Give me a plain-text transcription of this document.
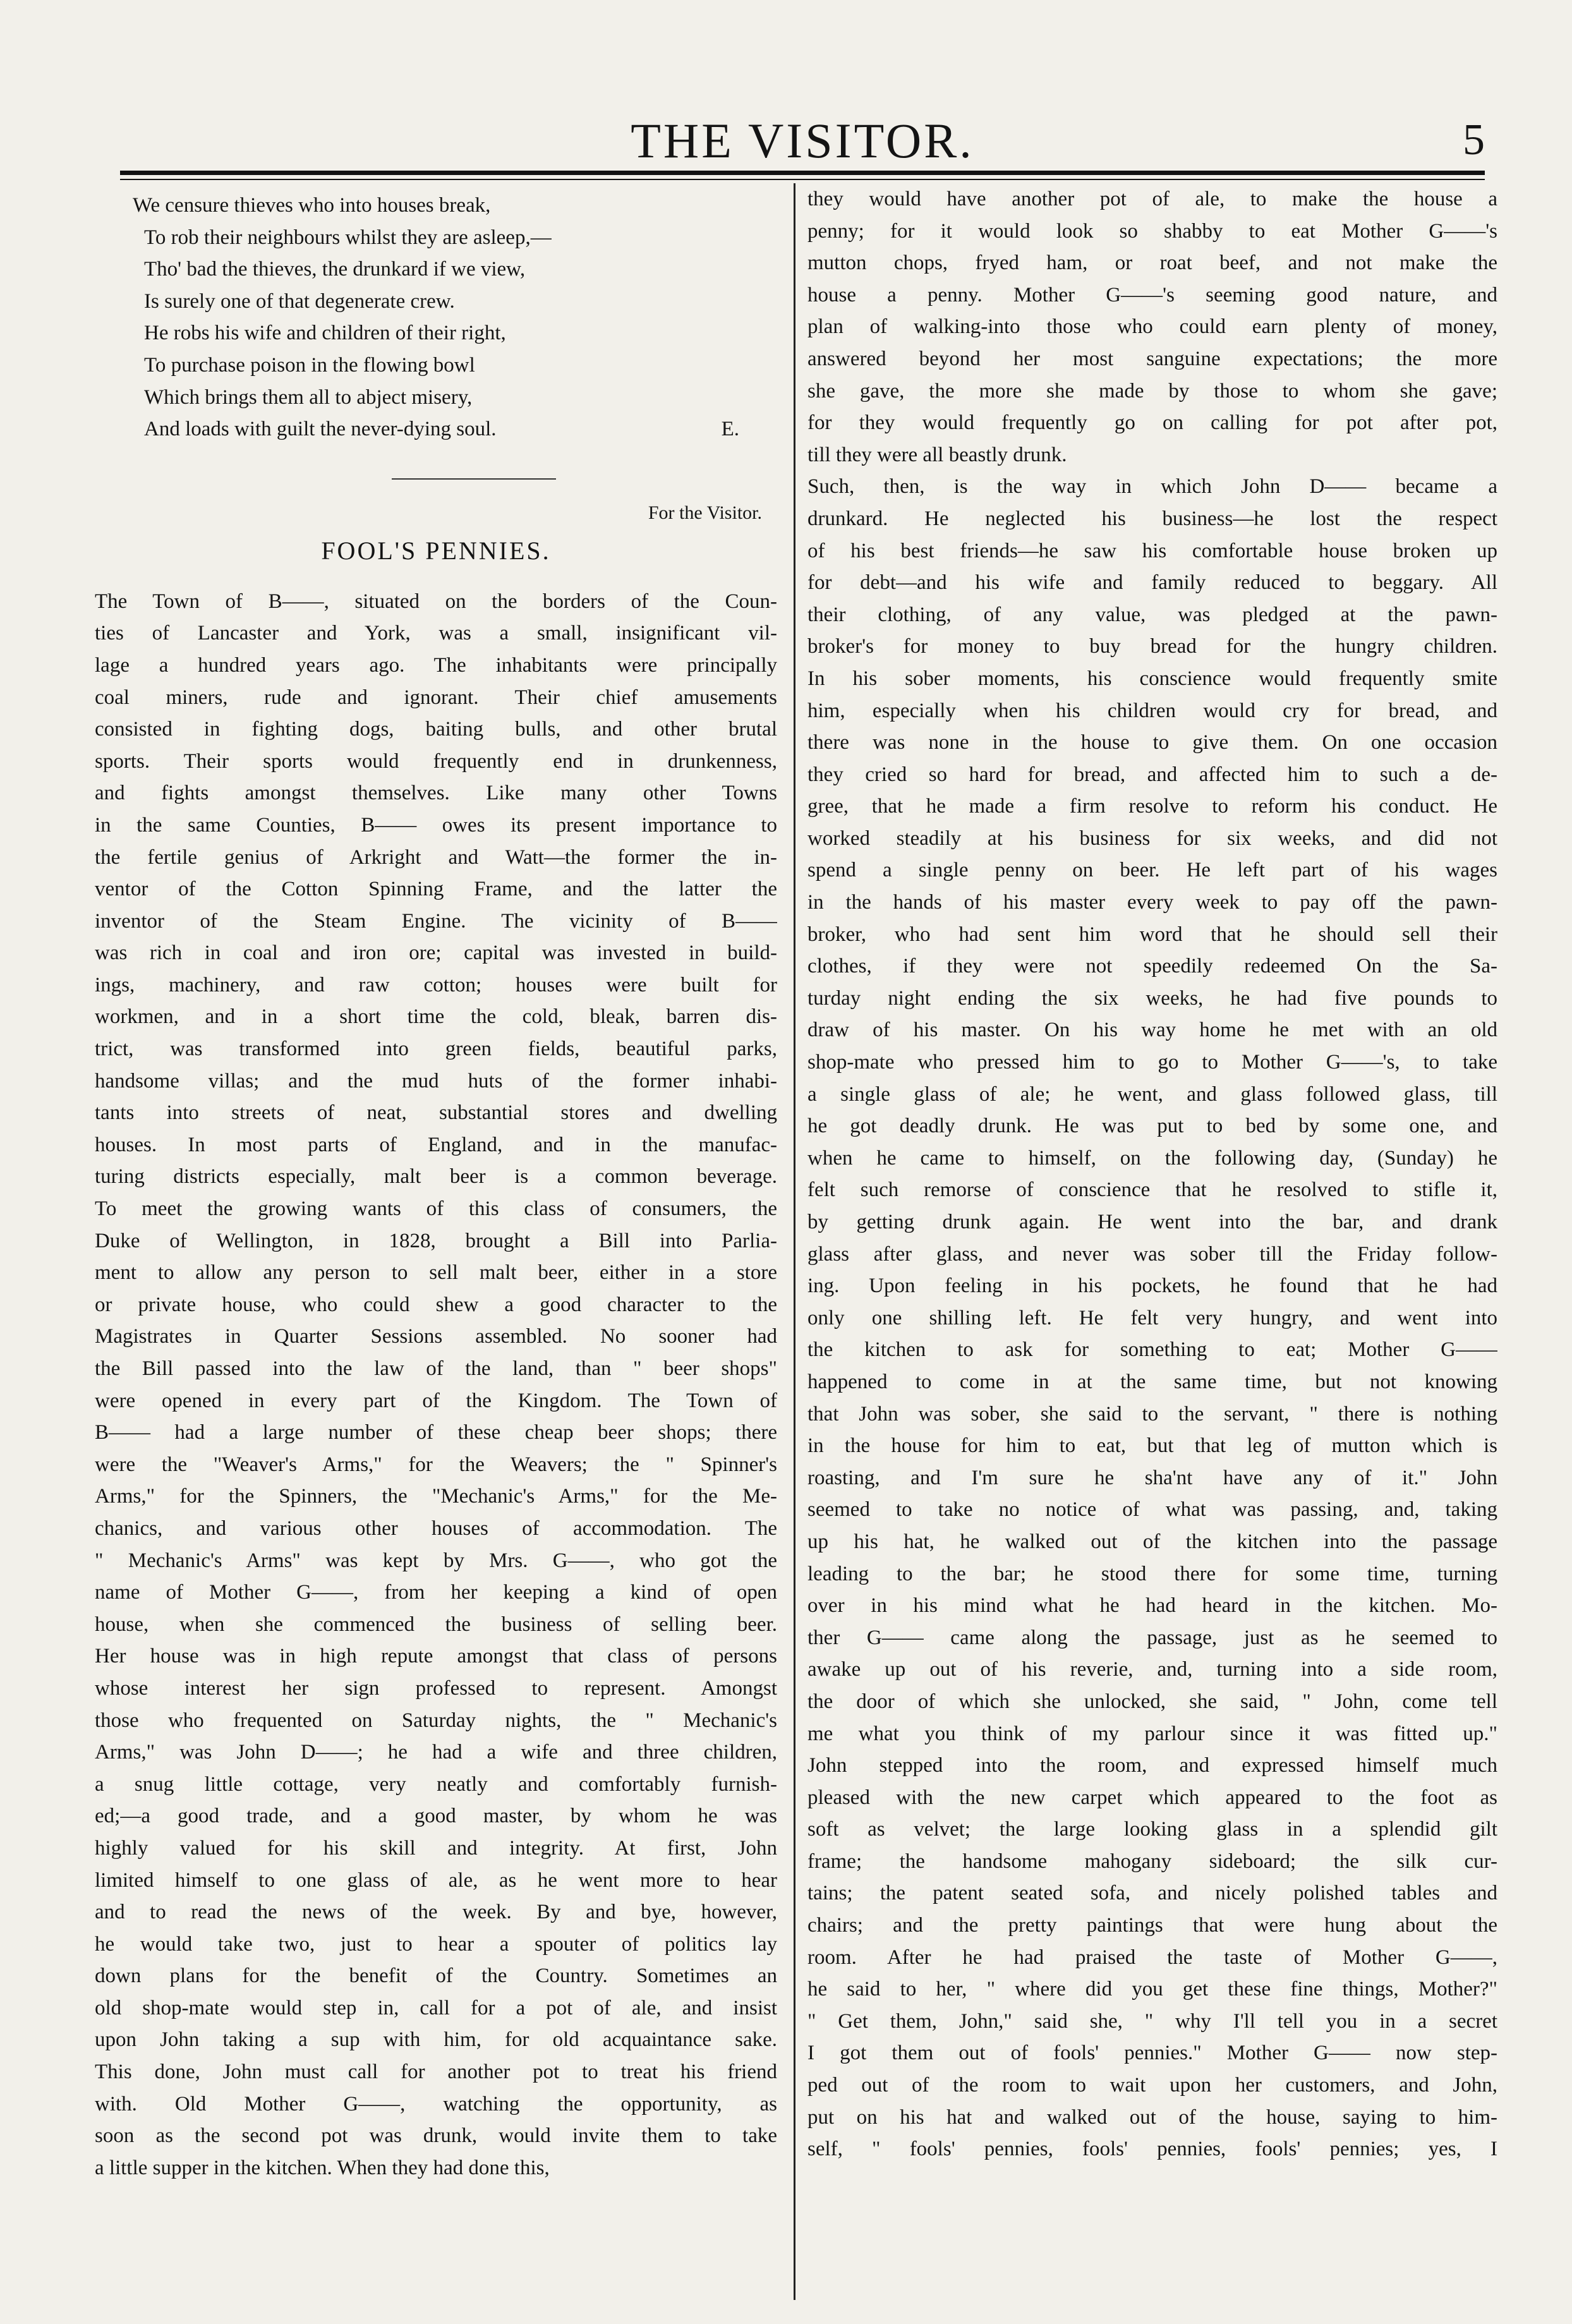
THE VISITOR.	5
We censure thieves who into houses break,
To rob their neighbours whilst they are asleep,—
Tho' bad the thieves, the drunkard if we view,
Is surely one of that degenerate crew.
He robs his wife and children of their right,
To purchase poison in the flowing bowl
Which brings them all to abject misery,
And loads with guilt the never-dying soul.	E.
For the Visitor.
FOOL'S PENNIES.
The Town of B——, situated on the borders of the Coun-
ties of Lancaster and York, was a small, insignificant vil-
lage a hundred years ago. The inhabitants were principally
coal miners, rude and ignorant. Their chief amusements
consisted in fighting dogs, baiting bulls, and other brutal
sports. Their sports would frequently end in drunkenness,
and fights amongst themselves. Like many other Towns
in the same Counties, B—— owes its present importance to
the fertile genius of Arkright and Watt—the former the in-
ventor of the Cotton Spinning Frame, and the latter the
inventor of the Steam Engine. The vicinity of B——
was rich in coal and iron ore; capital was invested in build-
ings, machinery, and raw cotton; houses were built for
workmen, and in a short time the cold, bleak, barren dis-
trict, was transformed into green fields, beautiful parks,
handsome villas; and the mud huts of the former inhabi-
tants into streets of neat, substantial stores and dwelling
houses. In most parts of England, and in the manufac-
turing districts especially, malt beer is a common beverage.
To meet the growing wants of this class of consumers, the
Duke of Wellington, in 1828, brought a Bill into Parlia-
ment to allow any person to sell malt beer, either in a store
or private house, who could shew a good character to the
Magistrates in Quarter Sessions assembled. No sooner had
the Bill passed into the law of the land, than " beer shops"
were opened in every part of the Kingdom. The Town of
B—— had a large number of these cheap beer shops; there
were the "Weaver's Arms," for the Weavers; the " Spinner's
Arms," for the Spinners, the "Mechanic's Arms," for the Me-
chanics, and various other houses of accommodation. The
" Mechanic's Arms" was kept by Mrs. G——, who got the
name of Mother G——, from her keeping a kind of open
house, when she commenced the business of selling beer.
Her house was in high repute amongst that class of persons
whose interest her sign professed to represent. Amongst
those who frequented on Saturday nights, the " Mechanic's
Arms," was John D——; he had a wife and three children,
a snug little cottage, very neatly and comfortably furnish-
ed;—a good trade, and a good master, by whom he was
highly valued for his skill and integrity. At first, John
limited himself to one glass of ale, as he went more to hear
and to read the news of the week. By and bye, however,
he would take two, just to hear a spouter of politics lay
down plans for the benefit of the Country. Sometimes an
old shop-mate would step in, call for a pot of ale, and insist
upon John taking a sup with him, for old acquaintance sake.
This done, John must call for another pot to treat his friend
with. Old Mother G——, watching the opportunity, as
soon as the second pot was drunk, would invite them to take
a little supper in the kitchen. When they had done this,
they would have another pot of ale, to make the house a
penny; for it would look so shabby to eat Mother G——'s
mutton chops, fryed ham, or roat beef, and not make the
house a penny. Mother G——'s seeming good nature, and
plan of walking-into those who could earn plenty of money,
answered beyond her most sanguine expectations; the more
she gave, the more she made by those to whom she gave;
for they would frequently go on calling for pot after pot,
till they were all beastly drunk.
Such, then, is the way in which John D—— became a
drunkard. He neglected his business—he lost the respect
of his best friends—he saw his comfortable house broken up
for debt—and his wife and family reduced to beggary. All
their clothing, of any value, was pledged at the pawn-
broker's for money to buy bread for the hungry children.
In his sober moments, his conscience would frequently smite
him, especially when his children would cry for bread, and
there was none in the house to give them. On one occasion
they cried so hard for bread, and affected him to such a de-
gree, that he made a firm resolve to reform his conduct. He
worked steadily at his business for six weeks, and did not
spend a single penny on beer. He left part of his wages
in the hands of his master every week to pay off the pawn-
broker, who had sent him word that he should sell their
clothes, if they were not speedily redeemed On the Sa-
turday night ending the six weeks, he had five pounds to
draw of his master. On his way home he met with an old
shop-mate who pressed him to go to Mother G——'s, to take
a single glass of ale; he went, and glass followed glass, till
he got deadly drunk. He was put to bed by some one, and
when he came to himself, on the following day, (Sunday) he
felt such remorse of conscience that he resolved to stifle it,
by getting drunk again. He went into the bar, and drank
glass after glass, and never was sober till the Friday follow-
ing. Upon feeling in his pockets, he found that he had
only one shilling left. He felt very hungry, and went into
the kitchen to ask for something to eat; Mother G——
happened to come in at the same time, but not knowing
that John was sober, she said to the servant, " there is nothing
in the house for him to eat, but that leg of mutton which is
roasting, and I'm sure he sha'nt have any of it." John
seemed to take no notice of what was passing, and, taking
up his hat, he walked out of the kitchen into the passage
leading to the bar; he stood there for some time, turning
over in his mind what he had heard in the kitchen. Mo-
ther G—— came along the passage, just as he seemed to
awake up out of his reverie, and, turning into a side room,
the door of which she unlocked, she said, " John, come tell
me what you think of my parlour since it was fitted up."
John stepped into the room, and expressed himself much
pleased with the new carpet which appeared to the foot as
soft as velvet; the large looking glass in a splendid gilt
frame; the handsome mahogany sideboard; the silk cur-
tains; the patent seated sofa, and nicely polished tables and
chairs; and the pretty paintings that were hung about the
room. After he had praised the taste of Mother G——,
he said to her, " where did you get these fine things, Mother?"
" Get them, John," said she, " why I'll tell you in a secret
I got them out of fools' pennies." Mother G—— now step-
ped out of the room to wait upon her customers, and John,
put on his hat and walked out of the house, saying to him-
self, " fools' pennies, fools' pennies, fools' pennies; yes, I
